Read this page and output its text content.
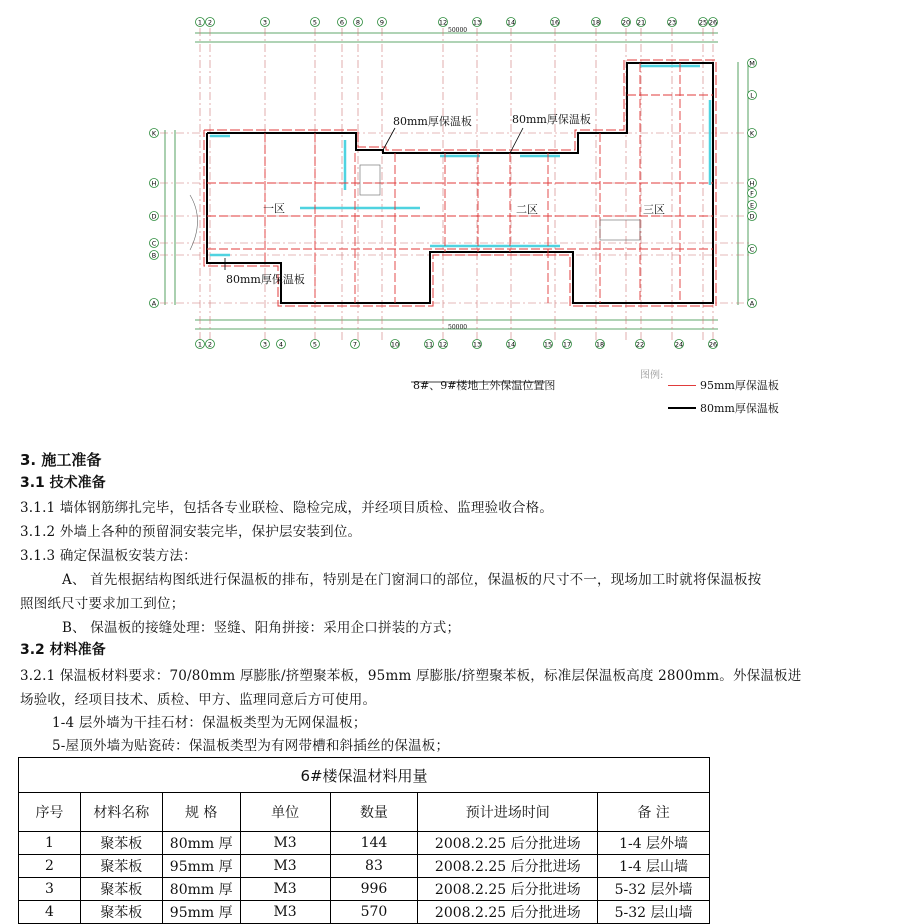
1 2	3	5	6 8	9	12	13	14	16	18	20 21	23	25 26
1 2	3 4	5	7	10	11 12	13	14	15 17	18	22	24	26
K
H
D
C
B
A
M
L
K
H
F
E
D
C
A
50000
50000
80mm厚保温板	80mm厚保温板
80mm厚保温板
一区	二区	三区
8#、9#楼地上外保温位置图
图例:
95mm厚保温板
80mm厚保温板
3. 施工准备
3.1 技术准备
3.1.1 墙体钢筋绑扎完毕，包括各专业联检、隐检完成，并经项目质检、监理验收合格。
3.1.2 外墙上各种的预留洞安装完毕，保护层安装到位。
3.1.3 确定保温板安装方法：
A、 首先根据结构图纸进行保温板的排布，特别是在门窗洞口的部位，保温板的尺寸不一，现场加工时就将保温板按
照图纸尺寸要求加工到位；
B、 保温板的接缝处理：竖缝、阳角拼接：采用企口拼装的方式；
3.2 材料准备
3.2.1 保温板材料要求：70/80mm 厚膨胀/挤塑聚苯板，95mm 厚膨胀/挤塑聚苯板，标准层保温板高度 2800mm。外保温板进
场验收，经项目技术、质检、甲方、监理同意后方可使用。
1-4 层外墙为干挂石材：保温板类型为无网保温板；
5-屋顶外墙为贴瓷砖：保温板类型为有网带槽和斜插丝的保温板；
6#楼保温材料用量						
序号	材料名称	规 格	单位	数量	预计进场时间	备 注
1	聚苯板	80mm 厚	M3	144	2008.2.25 后分批进场	1-4 层外墙
2	聚苯板	95mm 厚	M3	83	2008.2.25 后分批进场	1-4 层山墙
3	聚苯板	80mm 厚	M3	996	2008.2.25 后分批进场	5-32 层外墙
4	聚苯板	95mm 厚	M3	570	2008.2.25 后分批进场	5-32 层山墙
